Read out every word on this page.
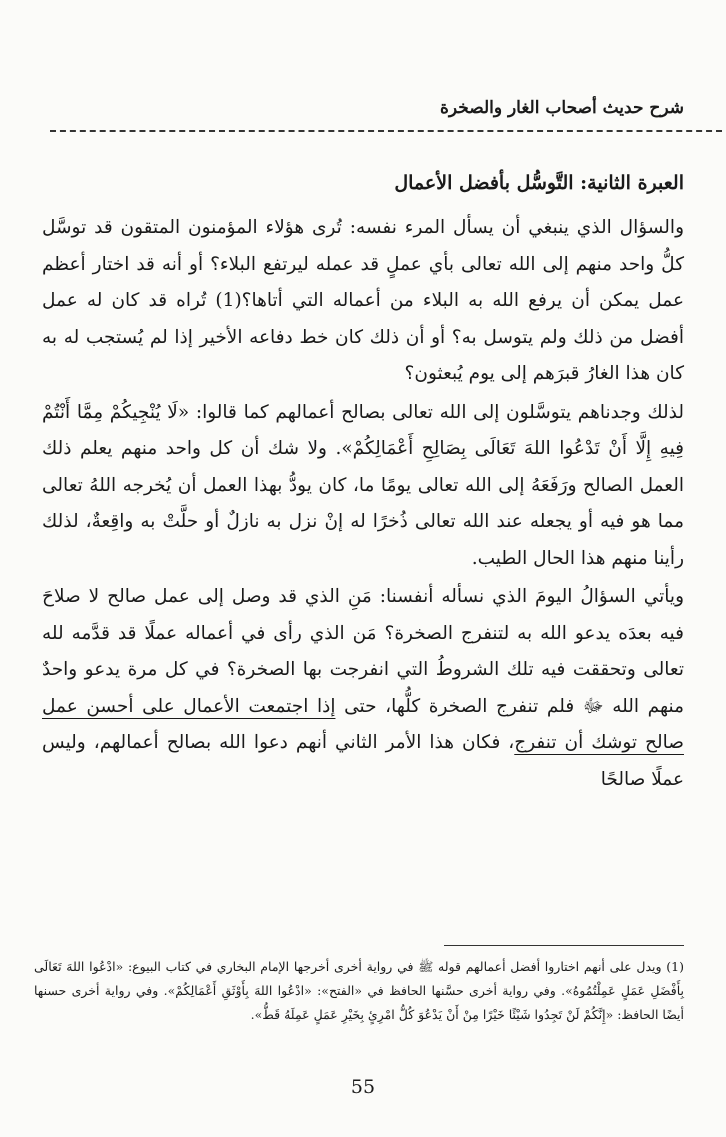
شرح حديث أصحاب الغار والصخرة
العبرة الثانية: التَّوسُّل بأفضل الأعمال

والسؤال الذي ينبغي أن يسأل المرء نفسه: تُرى هؤلاء المؤمنون المتقون قد توسَّل كلُّ واحد منهم إلى الله تعالى بأي عملٍ قد عمله ليرتفع البلاء؟ أو أنه قد اختار أعظم عمل يمكن أن يرفع الله به البلاء من أعماله التي أتاها؟(1) تُراه قد كان له عمل أفضل من ذلك ولم يتوسل به؟ أو أن ذلك كان خط دفاعه الأخير إذا لم يُستجب له به كان هذا الغارُ قبرَهم إلى يوم يُبعثون؟

لذلك وجدناهم يتوسَّلون إلى الله تعالى بصالح أعمالهم كما قالوا: «لَا يُنْجِيكُمْ مِمَّا أَنْتُمْ فِيهِ إِلَّا أَنْ تَدْعُوا اللهَ تَعَالَى بِصَالِحِ أَعْمَالِكُمْ». ولا شك أن كل واحد منهم يعلم ذلك العمل الصالح ورَفَعَهُ إلى الله تعالى يومًا ما، كان يودُّ بهذا العمل أن يُخرجه اللهُ تعالى مما هو فيه أو يجعله عند الله تعالى ذُخرًا له إنْ نزل به نازلٌ أو حلَّتْ به واقِعةٌ، لذلك رأينا منهم هذا الحال الطيب.

ويأتي السؤالُ اليومَ الذي نسأله أنفسنا: مَنِ الذي قد وصل إلى عمل صالح لا صلاحَ فيه بعدَه يدعو الله به لتنفرج الصخرة؟ مَن الذي رأى في أعماله عملًا قد قدَّمه لله تعالى وتحققت فيه تلك الشروطُ التي انفرجت بها الصخرة؟ في كل مرة يدعو واحدٌ منهم الله ﷻ فلم تنفرج الصخرة كلُّها، حتى إذا اجتمعت الأعمال على أحسن عمل صالح توشك أن تنفرج، فكان هذا الأمر الثاني أنهم دعوا الله بصالح أعمالهم، وليس عملًا صالحًا

(1) ويدل على أنهم اختاروا أفضل أعمالهم قوله ﷺ في رواية أخرى أخرجها الإمام البخاري في كتاب البيوع: «ادْعُوا اللهَ تَعَالَى بِأَفْضَلِ عَمَلٍ عَمِلْتُمُوهُ». وفي رواية أخرى حسَّنها الحافظ في «الفتح»: «ادْعُوا اللهَ بِأَوْثَقِ أَعْمَالِكُمْ». وفي رواية أخرى حسنها أيضًا الحافظ: «إِنَّكُمْ لَنْ تَجِدُوا شَيْئًا خَيْرًا مِنْ أَنْ يَدْعُوَ كُلُّ امْرِئٍ بِخَيْرِ عَمَلٍ عَمِلَهُ قَطُّ».

55
